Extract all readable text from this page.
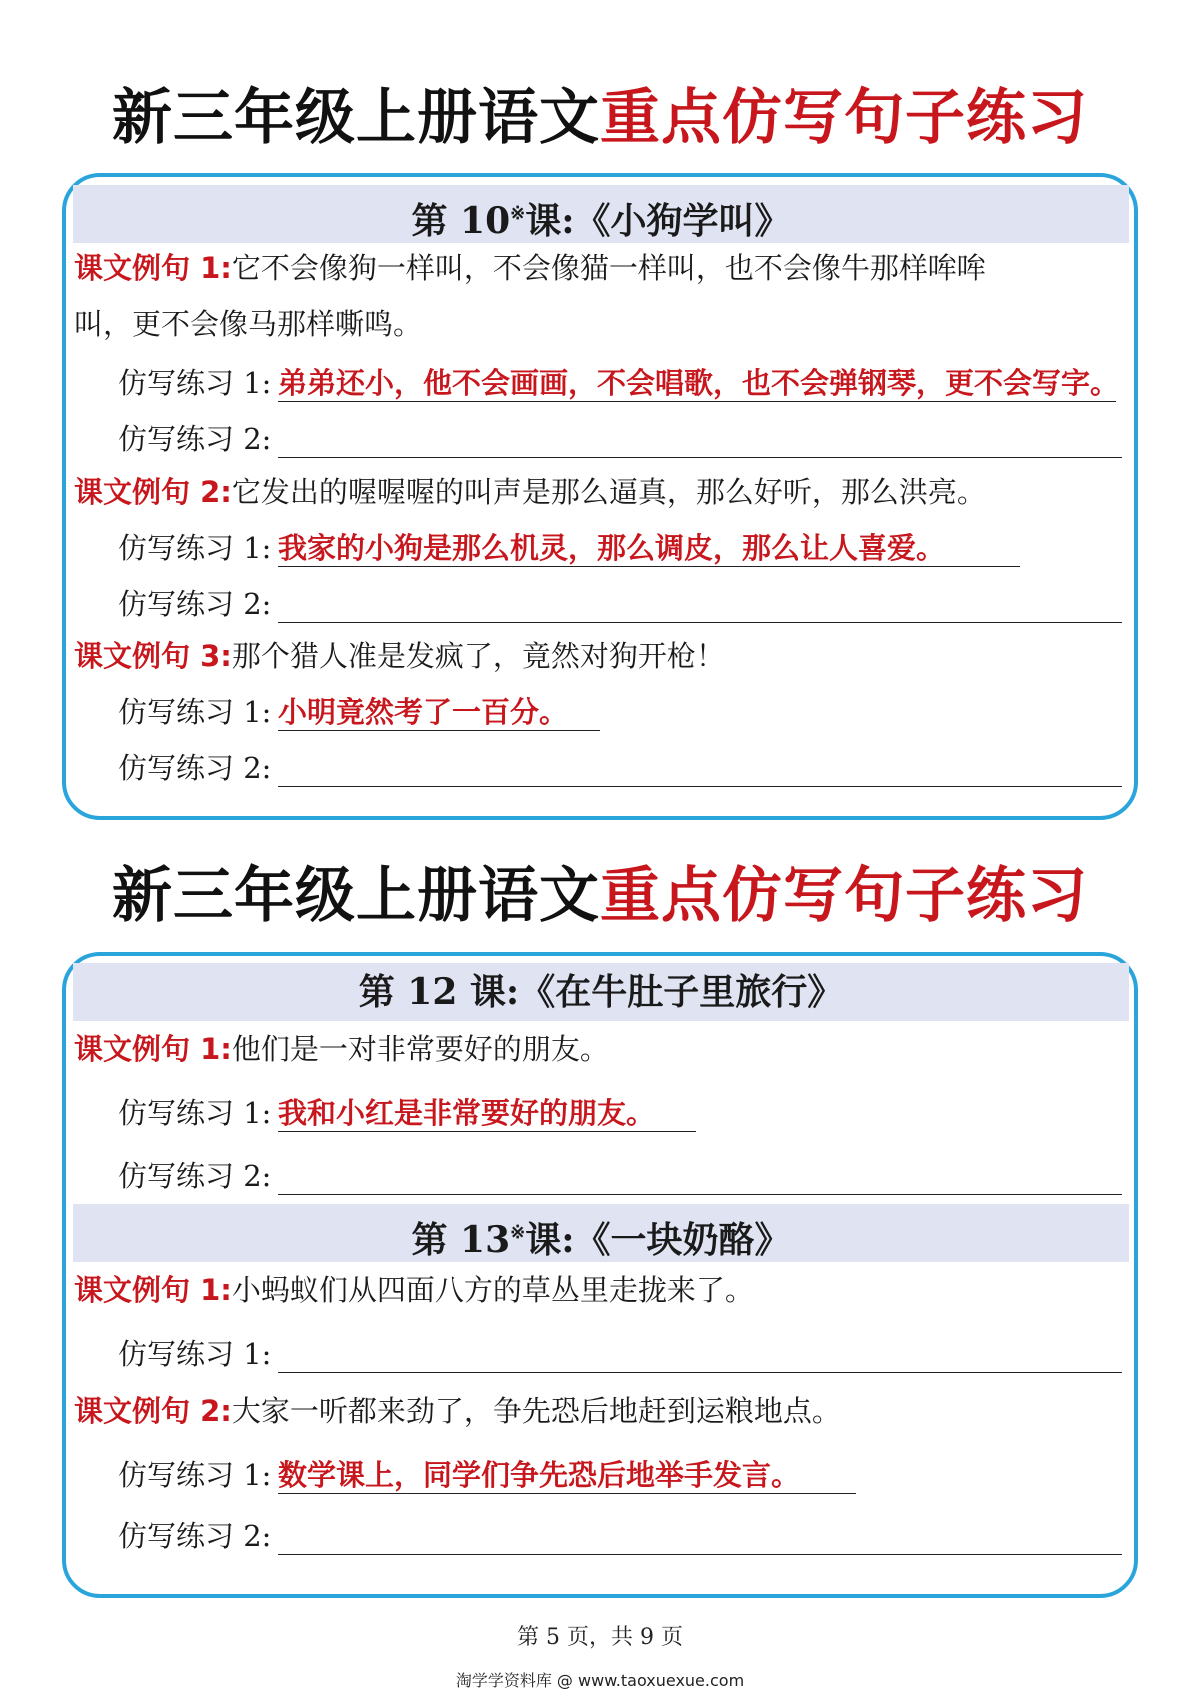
新三年级上册语文重点仿写句子练习
第 10※课:《小狗学叫》
课文例句 1:它不会像狗一样叫，不会像猫一样叫，也不会像牛那样哞哞
叫，更不会像马那样嘶鸣。
仿写练习 1: 弟弟还小，他不会画画，不会唱歌，也不会弹钢琴，更不会写字。
仿写练习 2:
课文例句 2:它发出的喔喔喔的叫声是那么逼真，那么好听，那么洪亮。
仿写练习 1: 我家的小狗是那么机灵，那么调皮，那么让人喜爱。
仿写练习 2:
课文例句 3:那个猎人准是发疯了，竟然对狗开枪！
仿写练习 1: 小明竟然考了一百分。
仿写练习 2:
新三年级上册语文重点仿写句子练习
第 12 课:《在牛肚子里旅行》
课文例句 1:他们是一对非常要好的朋友。
仿写练习 1: 我和小红是非常要好的朋友。
仿写练习 2:
第 13※课:《一块奶酪》
课文例句 1:小蚂蚁们从四面八方的草丛里走拢来了。
仿写练习 1:
课文例句 2:大家一听都来劲了，争先恐后地赶到运粮地点。
仿写练习 1: 数学课上，同学们争先恐后地举手发言。
仿写练习 2:
第 5 页，共 9 页
淘学学资料库 @ www.taoxuexue.com
